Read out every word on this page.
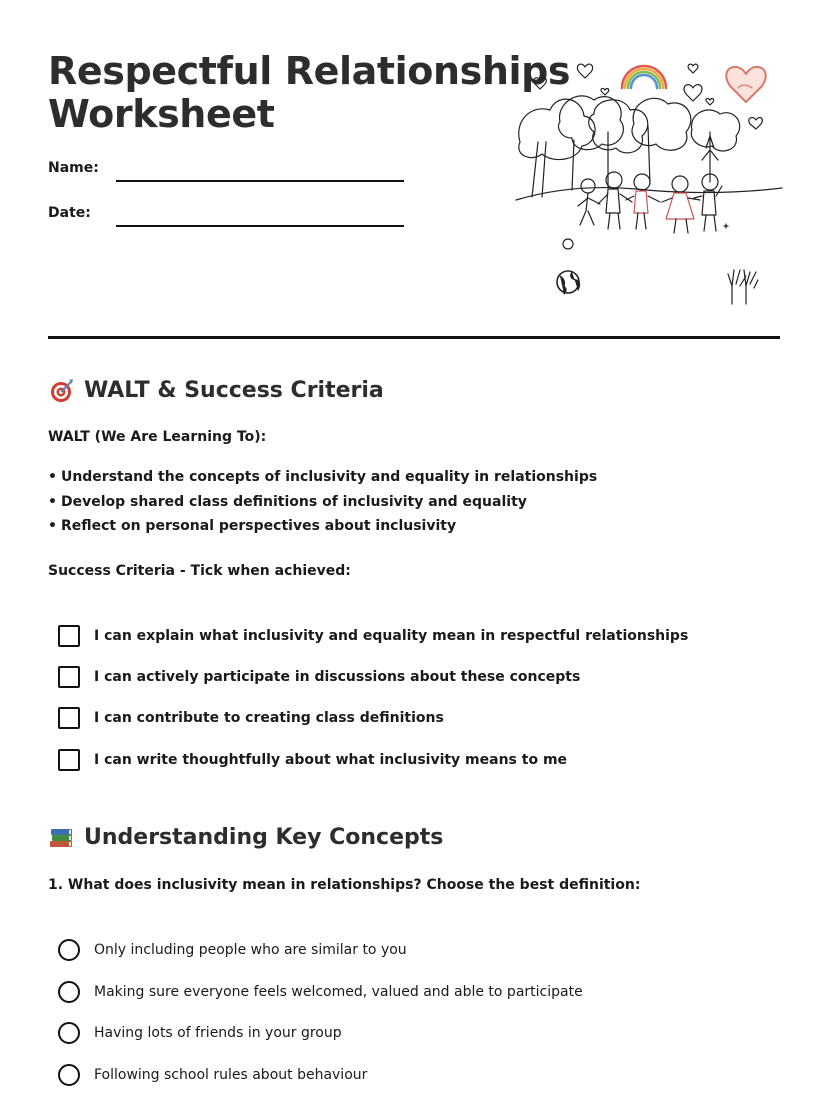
Respectful Relationships
Worksheet
Name:
Date:
WALT & Success Criteria
WALT (We Are Learning To):
• Understand the concepts of inclusivity and equality in relationships
• Develop shared class definitions of inclusivity and equality
• Reflect on personal perspectives about inclusivity
Success Criteria - Tick when achieved:
I can explain what inclusivity and equality mean in respectful relationships
I can actively participate in discussions about these concepts
I can contribute to creating class definitions
I can write thoughtfully about what inclusivity means to me
Understanding Key Concepts
1. What does inclusivity mean in relationships? Choose the best definition:
Only including people who are similar to you
Making sure everyone feels welcomed, valued and able to participate
Having lots of friends in your group
Following school rules about behaviour
